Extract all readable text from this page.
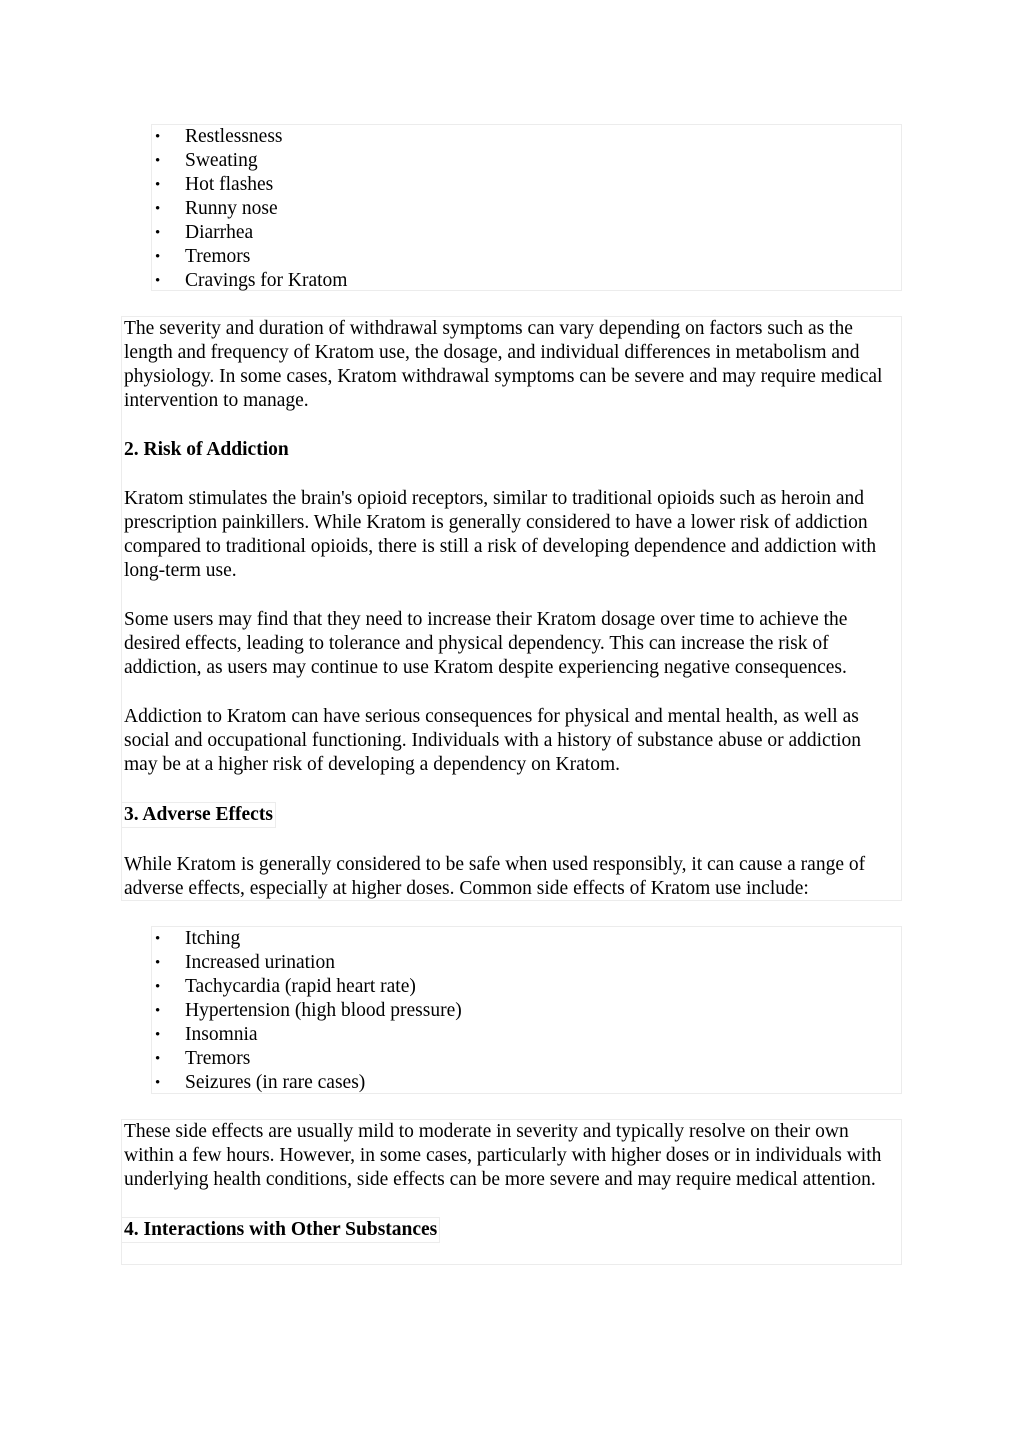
• Restlessness
• Sweating
• Hot flashes
• Runny nose
• Diarrhea
• Tremors
• Cravings for Kratom

The severity and duration of withdrawal symptoms can vary depending on factors such as the length and frequency of Kratom use, the dosage, and individual differences in metabolism and physiology. In some cases, Kratom withdrawal symptoms can be severe and may require medical intervention to manage.

2. Risk of Addiction

Kratom stimulates the brain's opioid receptors, similar to traditional opioids such as heroin and prescription painkillers. While Kratom is generally considered to have a lower risk of addiction compared to traditional opioids, there is still a risk of developing dependence and addiction with long-term use.

Some users may find that they need to increase their Kratom dosage over time to achieve the desired effects, leading to tolerance and physical dependency. This can increase the risk of addiction, as users may continue to use Kratom despite experiencing negative consequences.

Addiction to Kratom can have serious consequences for physical and mental health, as well as social and occupational functioning. Individuals with a history of substance abuse or addiction may be at a higher risk of developing a dependency on Kratom.

3. Adverse Effects

While Kratom is generally considered to be safe when used responsibly, it can cause a range of adverse effects, especially at higher doses. Common side effects of Kratom use include:

• Itching
• Increased urination
• Tachycardia (rapid heart rate)
• Hypertension (high blood pressure)
• Insomnia
• Tremors
• Seizures (in rare cases)

These side effects are usually mild to moderate in severity and typically resolve on their own within a few hours. However, in some cases, particularly with higher doses or in individuals with underlying health conditions, side effects can be more severe and may require medical attention.

4. Interactions with Other Substances
